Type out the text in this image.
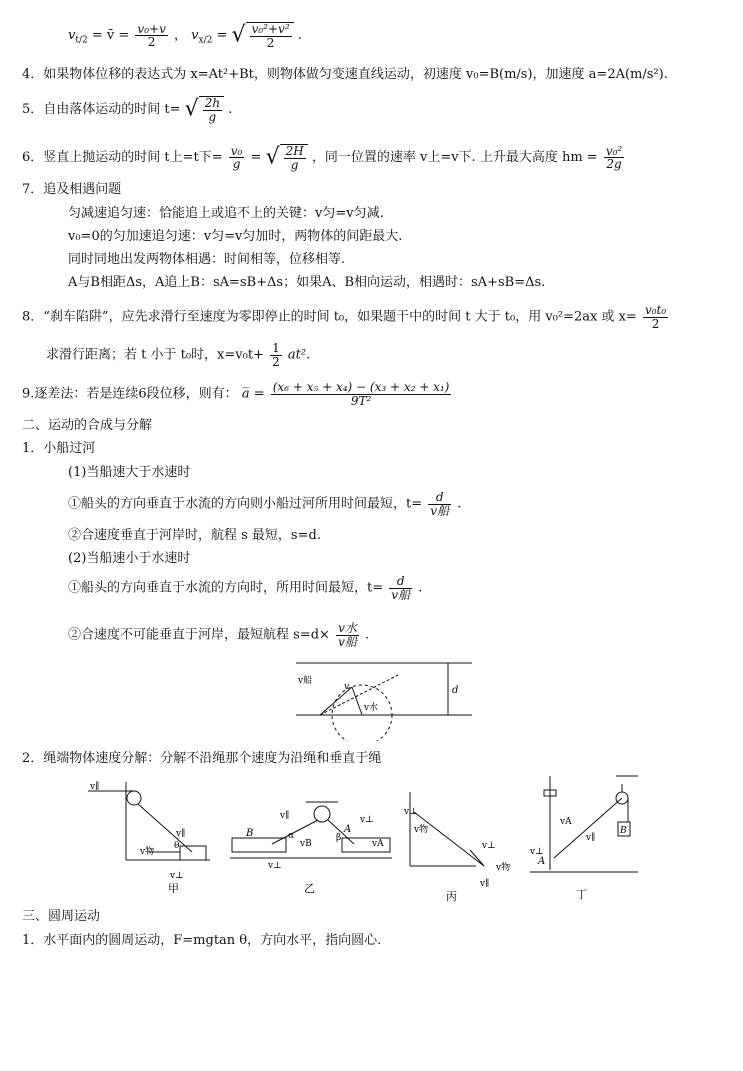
$v_{t/2}$ = v̄ = $\frac{\text{v₀+v}}{2}$ ， $v_{x/2}$ = √ $\frac{\text{v₀²+v²}}{2}$ .
4．如果物体位移的表达式为 x=At²+Bt，则物体做匀变速直线运动，初速度 v₀=B(m/s)，加速度 a=2A(m/s²).
5．自由落体运动的时间 t= √ $\frac{2h}{g}$ .
6．竖直上抛运动的时间 t上=t下= $\frac{\text{v₀}}{g}$ = √ $\frac{2H}{g}$ ，同一位置的速率 v上=v下. 上升最大高度 hm = $\frac{\text{v₀²}}{2g}$
7．追及相遇问题
匀减速追匀速：恰能追上或追不上的关键：v匀=v匀减.
v₀=0的匀加速追匀速：v匀=v匀加时，两物体的间距最大.
同时同地出发两物体相遇：时间相等，位移相等.
A与B相距Δs，A追上B：sA=sB+Δs；如果A、B相向运动，相遇时：sA+sB=Δs.
8．“刹车陷阱”，应先求滑行至速度为零即停止的时间 t₀，如果题干中的时间 t 大于 t₀，用 v₀²=2ax 或 $x= \frac{\text{v₀t₀}}{2}$
求滑行距离；若 t 小于 t₀时，$x=v_0t+ \frac{1}{2} at^2$.
9.逐差法：若是连续6段位移，则有： a̅ = $\frac{\text{(x₆ + x₅ + x₄) − (x₃ + x₂ + x₁)}}{\text{9T²}}$
二、运动的合成与分解
1．小船过河
(1)当船速大于水速时
①船头的方向垂直于水流的方向则小船过河所用时间最短，$t= \frac{d}{\text{v船}}$ .
②合速度垂直于河岸时，航程 s 最短，s=d.
(2)当船速小于水速时
①船头的方向垂直于水流的方向时，所用时间最短，$t= \frac{d}{\text{v船}}$ .
②合速度不可能垂直于河岸，最短航程 $s=d\times \frac{\text{v水}}{\text{v船}}$ .
v船
v
v水
d
2．绳端物体速度分解：分解不沿绳那个速度为沿绳和垂直于绳
v∥
v∥
v物
θ
v⊥
甲
B	A
v∥
vB	vA
v⊥
v⊥
α	β
乙
v物
v⊥
v⊥
v物
v∥
丙
vA
v∥
v⊥
A
B
丁
三、圆周运动
1．水平面内的圆周运动，F=mgtan θ，方向水平，指向圆心.
